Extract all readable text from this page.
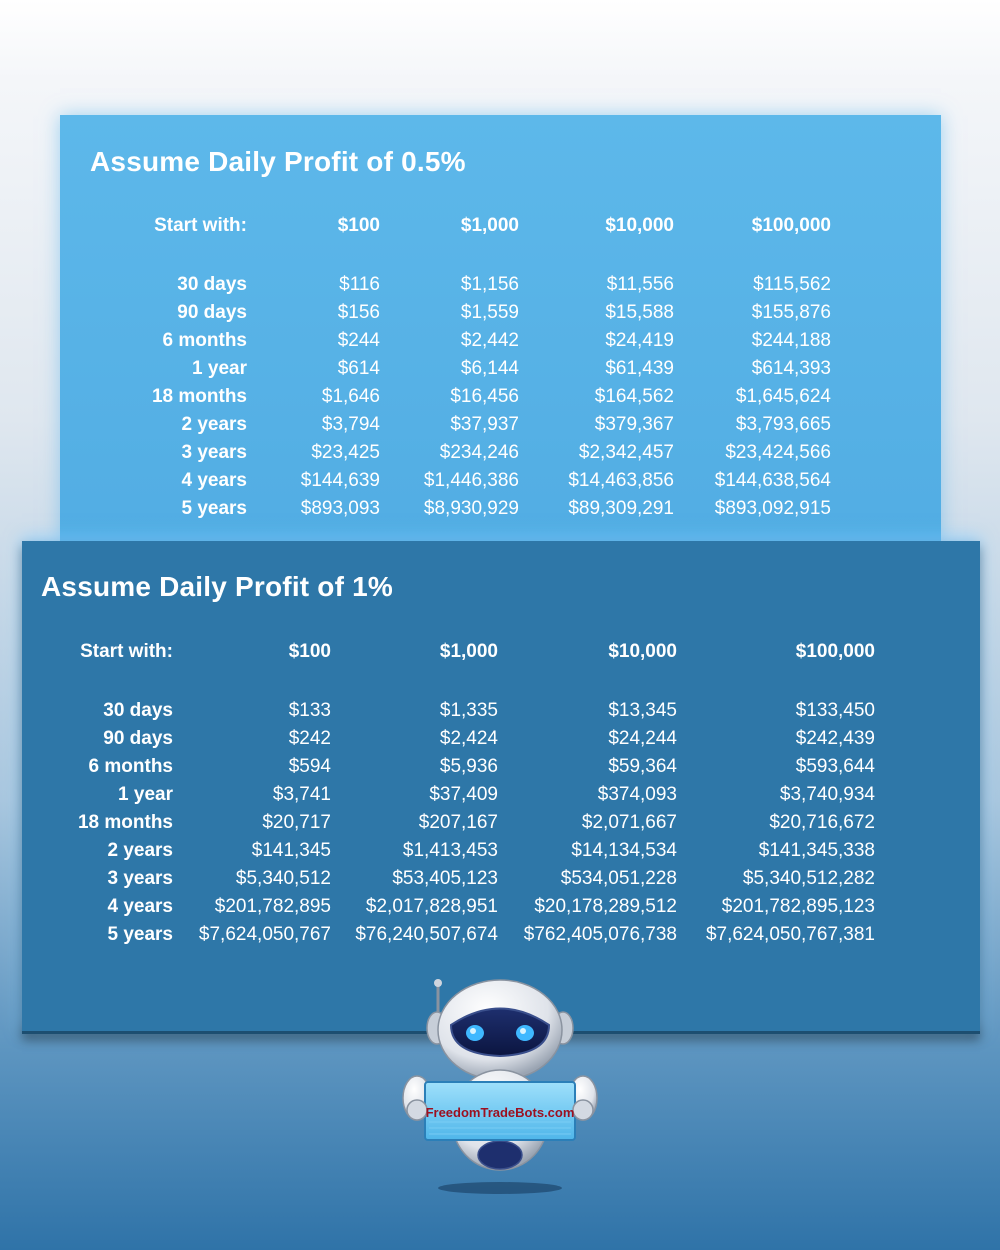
Assume Daily Profit of 0.5%
Start with:	$100	$1,000	$10,000	$100,000

30 days	$116	$1,156	$11,556	$115,562
90 days	$156	$1,559	$15,588	$155,876
6 months	$244	$2,442	$24,419	$244,188
1 year	$614	$6,144	$61,439	$614,393
18 months	$1,646	$16,456	$164,562	$1,645,624
2 years	$3,794	$37,937	$379,367	$3,793,665
3 years	$23,425	$234,246	$2,342,457	$23,424,566
4 years	$144,639	$1,446,386	$14,463,856	$144,638,564
5 years	$893,093	$8,930,929	$89,309,291	$893,092,915
Assume Daily Profit of 1%
Start with:	$100	$1,000	$10,000	$100,000

30 days	$133	$1,335	$13,345	$133,450
90 days	$242	$2,424	$24,244	$242,439
6 months	$594	$5,936	$59,364	$593,644
1 year	$3,741	$37,409	$374,093	$3,740,934
18 months	$20,717	$207,167	$2,071,667	$20,716,672
2 years	$141,345	$1,413,453	$14,134,534	$141,345,338
3 years	$5,340,512	$53,405,123	$534,051,228	$5,340,512,282
4 years	$201,782,895	$2,017,828,951	$20,178,289,512	$201,782,895,123
5 years	$7,624,050,767	$76,240,507,674	$762,405,076,738	$7,624,050,767,381
FreedomTradeBots.com
